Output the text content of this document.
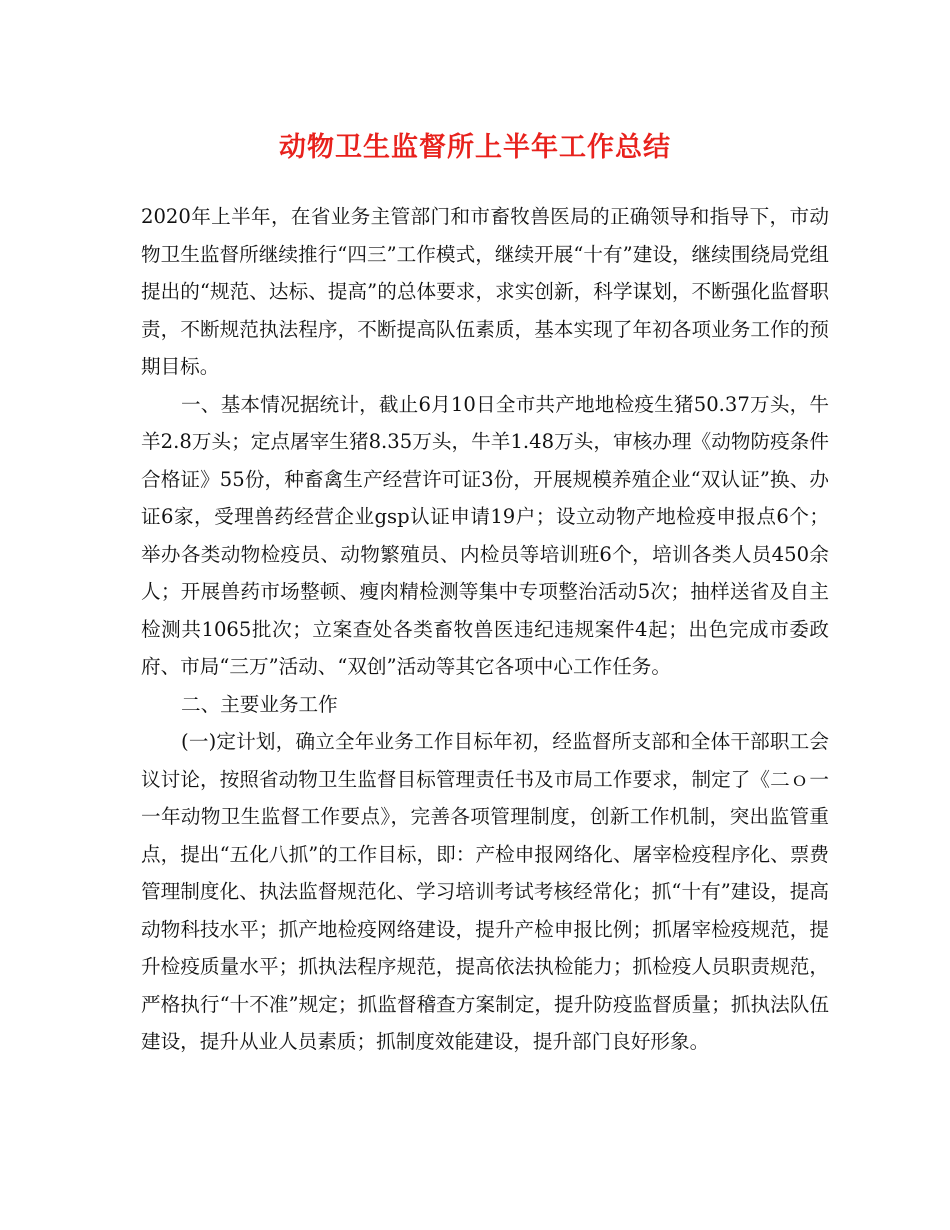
动物卫生监督所上半年工作总结

2020年上半年，在省业务主管部门和市畜牧兽医局的正确领导和指导下，市动物卫生监督所继续推行“四三”工作模式，继续开展“十有”建设，继续围绕局党组提出的“规范、达标、提高”的总体要求，求实创新，科学谋划，不断强化监督职责，不断规范执法程序，不断提高队伍素质，基本实现了年初各项业务工作的预期目标。

一、基本情况据统计，截止6月10日全市共产地地检疫生猪50.37万头，牛羊2.8万头；定点屠宰生猪8.35万头，牛羊1.48万头，审核办理《动物防疫条件合格证》55份，种畜禽生产经营许可证3份，开展规模养殖企业“双认证”换、办证6家，受理兽药经营企业gsp认证申请19户；设立动物产地检疫申报点6个；举办各类动物检疫员、动物繁殖员、内检员等培训班6个，培训各类人员450余人；开展兽药市场整顿、瘦肉精检测等集中专项整治活动5次；抽样送省及自主检测共1065批次；立案查处各类畜牧兽医违纪违规案件4起；出色完成市委政府、市局“三万”活动、“双创”活动等其它各项中心工作任务。

二、主要业务工作

(一)定计划，确立全年业务工作目标年初，经监督所支部和全体干部职工会议讨论，按照省动物卫生监督目标管理责任书及市局工作要求，制定了《二ｏ一一年动物卫生监督工作要点》，完善各项管理制度，创新工作机制，突出监管重点，提出“五化八抓”的工作目标，即：产检申报网络化、屠宰检疫程序化、票费管理制度化、执法监督规范化、学习培训考试考核经常化；抓“十有”建设，提高动物科技水平；抓产地检疫网络建设，提升产检申报比例；抓屠宰检疫规范，提升检疫质量水平；抓执法程序规范，提高依法执检能力；抓检疫人员职责规范，严格执行“十不准”规定；抓监督稽查方案制定，提升防疫监督质量；抓执法队伍建设，提升从业人员素质；抓制度效能建设，提升部门良好形象。
